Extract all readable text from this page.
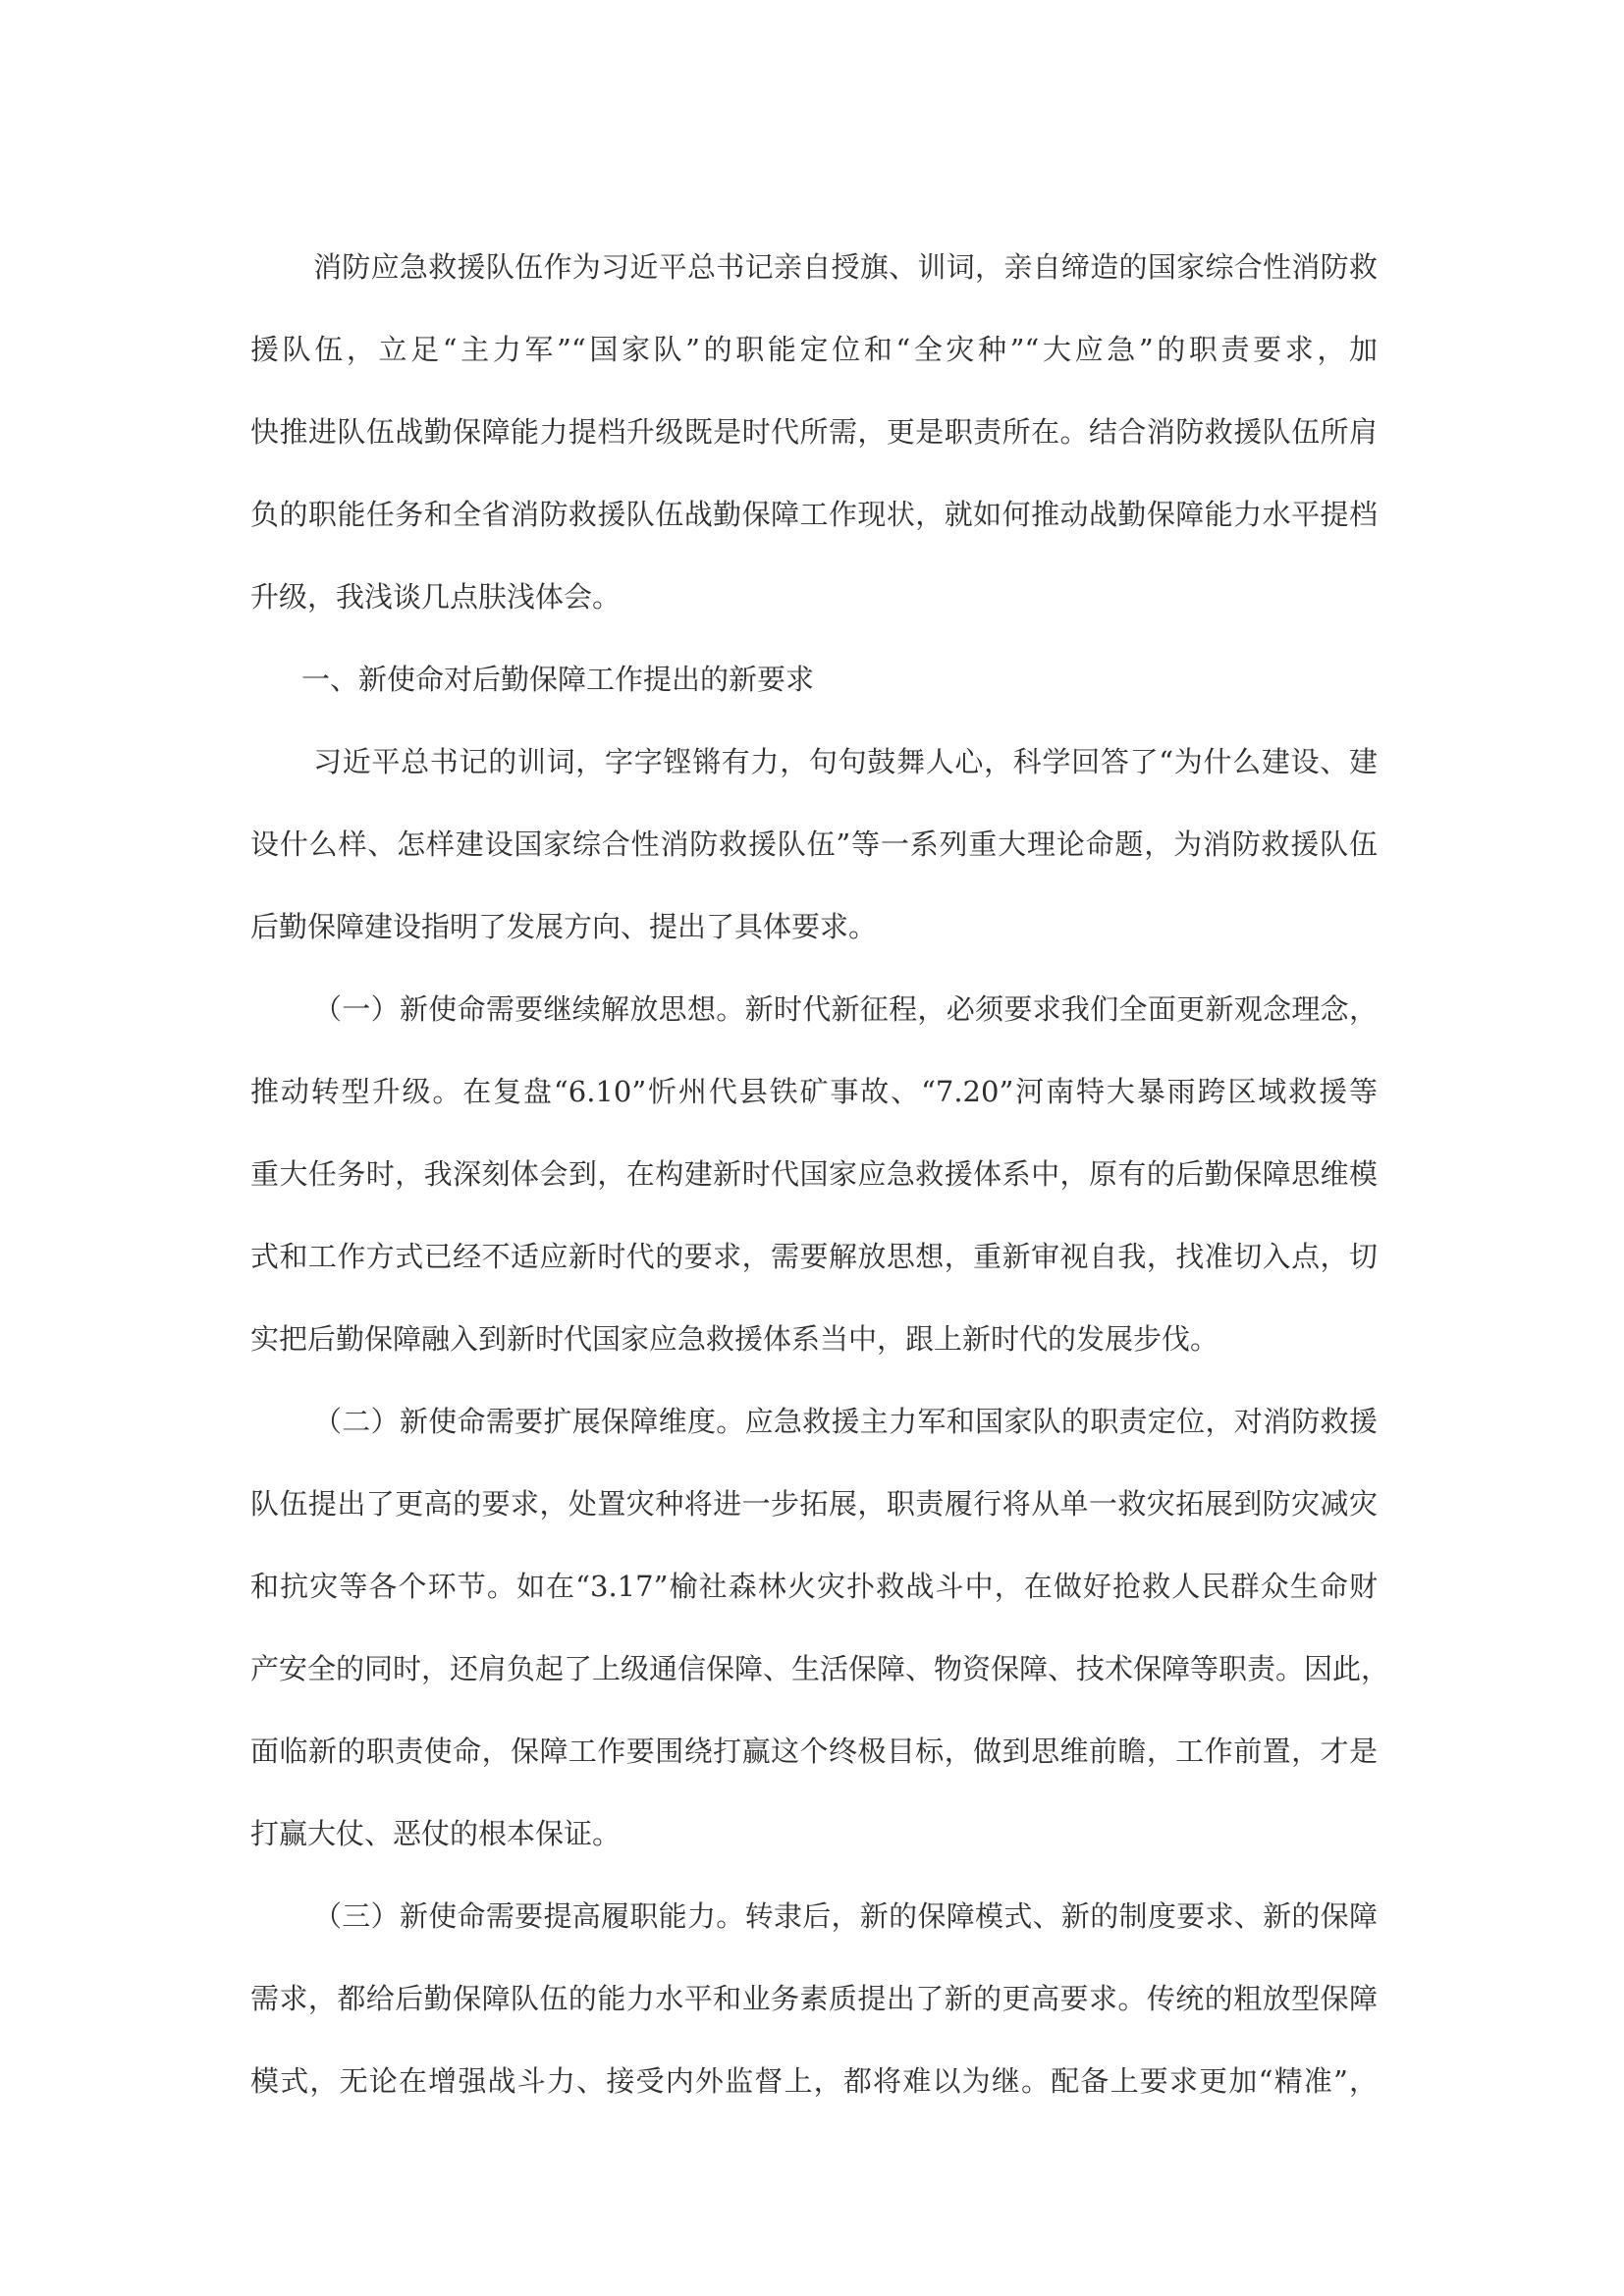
消防应急救援队伍作为习近平总书记亲自授旗、训词，亲自缔造的国家综合性消防救
援队伍，立足“主力军”“国家队”的职能定位和“全灾种”“大应急”的职责要求，加
快推进队伍战勤保障能力提档升级既是时代所需，更是职责所在。结合消防救援队伍所肩
负的职能任务和全省消防救援队伍战勤保障工作现状，就如何推动战勤保障能力水平提档
升级，我浅谈几点肤浅体会。
一、新使命对后勤保障工作提出的新要求
习近平总书记的训词，字字铿锵有力，句句鼓舞人心，科学回答了“为什么建设、建
设什么样、怎样建设国家综合性消防救援队伍”等一系列重大理论命题，为消防救援队伍
后勤保障建设指明了发展方向、提出了具体要求。
（一）新使命需要继续解放思想。新时代新征程，必须要求我们全面更新观念理念，
推动转型升级。在复盘“6.10”忻州代县铁矿事故、“7.20”河南特大暴雨跨区域救援等
重大任务时，我深刻体会到，在构建新时代国家应急救援体系中，原有的后勤保障思维模
式和工作方式已经不适应新时代的要求，需要解放思想，重新审视自我，找准切入点，切
实把后勤保障融入到新时代国家应急救援体系当中，跟上新时代的发展步伐。
（二）新使命需要扩展保障维度。应急救援主力军和国家队的职责定位，对消防救援
队伍提出了更高的要求，处置灾种将进一步拓展，职责履行将从单一救灾拓展到防灾减灾
和抗灾等各个环节。如在“3.17”榆社森林火灾扑救战斗中，在做好抢救人民群众生命财
产安全的同时，还肩负起了上级通信保障、生活保障、物资保障、技术保障等职责。因此，
面临新的职责使命，保障工作要围绕打赢这个终极目标，做到思维前瞻，工作前置，才是
打赢大仗、恶仗的根本保证。
（三）新使命需要提高履职能力。转隶后，新的保障模式、新的制度要求、新的保障
需求，都给后勤保障队伍的能力水平和业务素质提出了新的更高要求。传统的粗放型保障
模式，无论在增强战斗力、接受内外监督上，都将难以为继。配备上要求更加“精准”，
